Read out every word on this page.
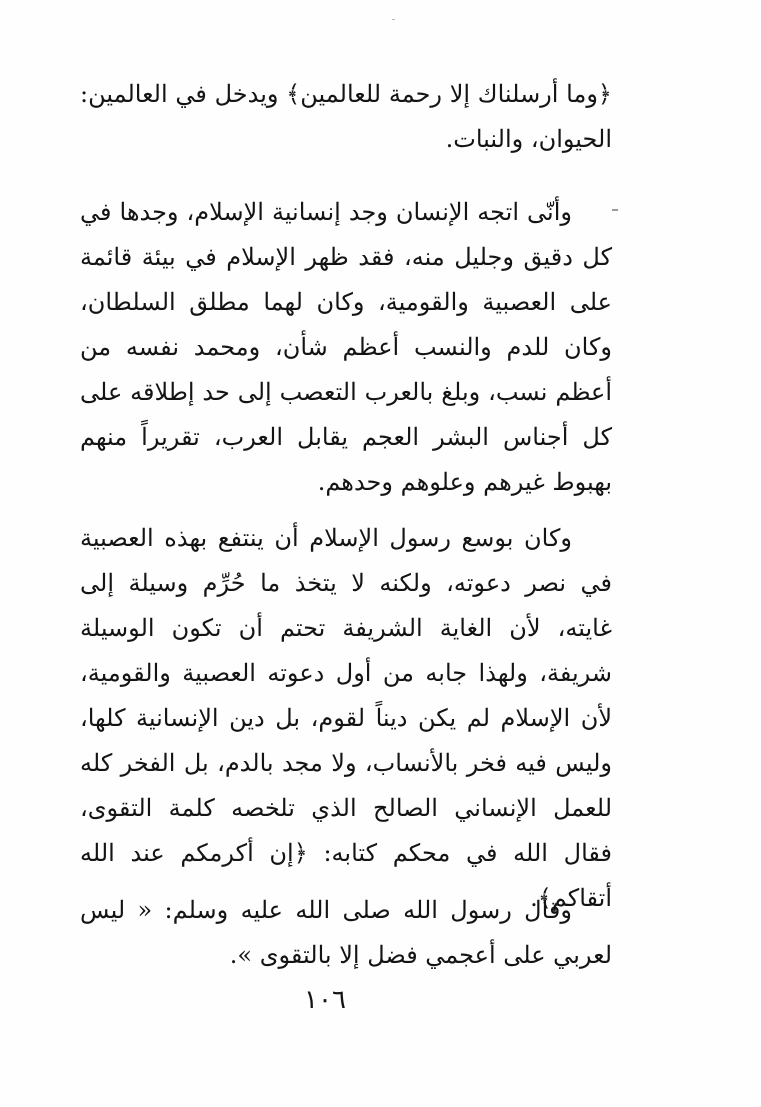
﴿وما أرسلناك إلا رحمة للعالمين﴾ ويدخل في العالمين: الحيوان، والنبات.

وأنّى اتجه الإنسان وجد إنسانية الإسلام، وجدها في كل دقيق وجليل منه، فقد ظهر الإسلام في بيئة قائمة على العصبية والقومية، وكان لهما مطلق السلطان، وكان للدم والنسب أعظم شأن، ومحمد نفسه من أعظم نسب، وبلغ بالعرب التعصب إلى حد إطلاقه على كل أجناس البشر العجم يقابل العرب، تقريراً منهم بهبوط غيرهم وعلوهم وحدهم.

وكان بوسع رسول الإسلام أن ينتفع بهذه العصبية في نصر دعوته، ولكنه لا يتخذ ما حُرِّم وسيلة إلى غايته، لأن الغاية الشريفة تحتم أن تكون الوسيلة شريفة، ولهذا جابه من أول دعوته العصبية والقومية، لأن الإسلام لم يكن ديناً لقوم، بل دين الإنسانية كلها، وليس فيه فخر بالأنساب، ولا مجد بالدم، بل الفخر كله للعمل الإنساني الصالح الذي تلخصه كلمة التقوى، فقال الله في محكم كتابه: ﴿إن أكرمكم عند الله أتقاكم﴾.

وقال رسول الله صلى الله عليه وسلم: « ليس لعربي على أعجمي فضل إلا بالتقوى ».

١٠٦
